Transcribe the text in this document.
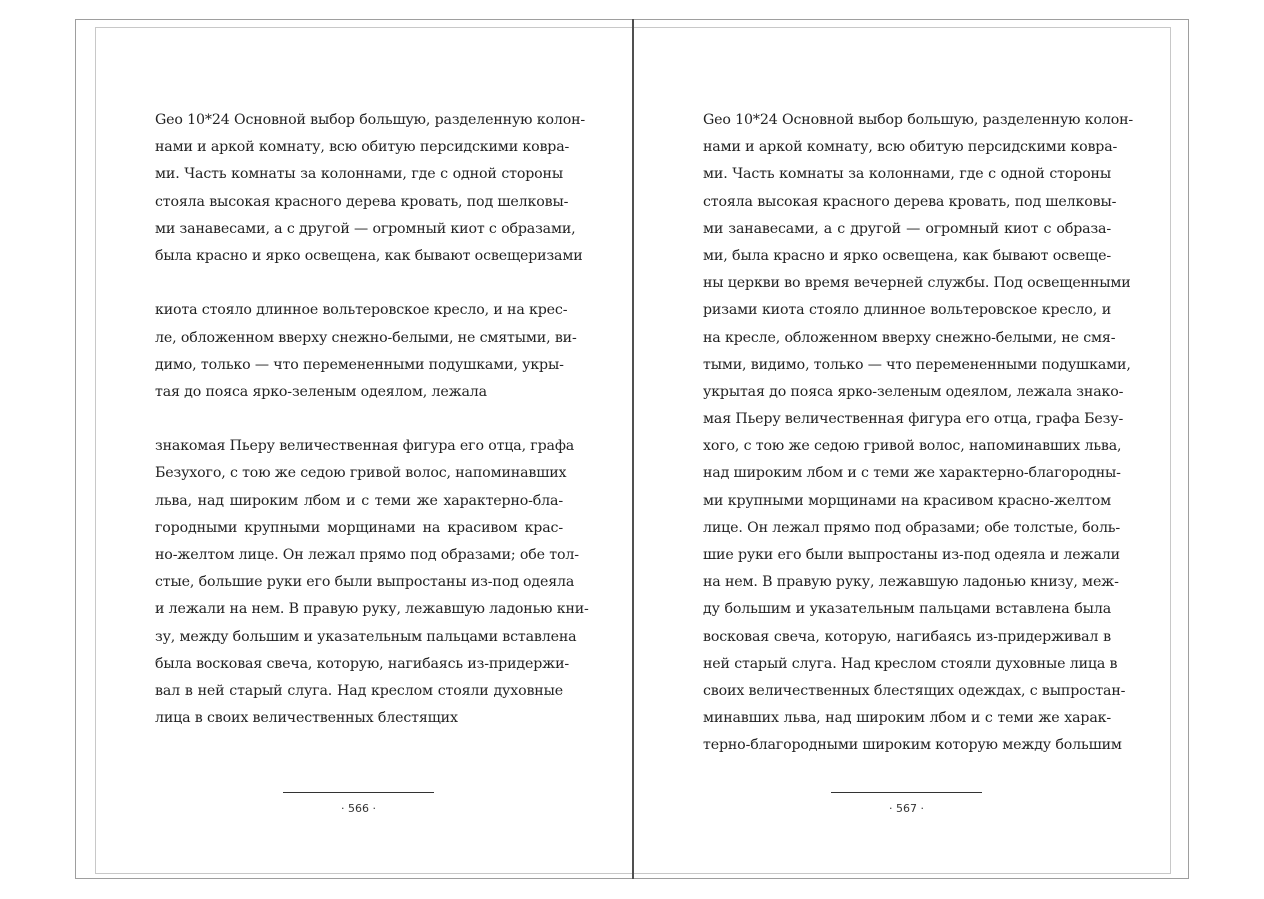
Geo 10*24 Основной выбор большую, разделенную колон-
нами и аркой комнату, всю обитую персидскими ковра-
ми. Часть комнаты за колоннами, где с одной стороны
стояла высокая красного дерева кровать, под шелковы-
ми занавесами, а с другой — огромный киот с образами,
была красно и ярко освещена, как бывают освещеризами
киота стояло длинное вольтеровское кресло, и на крес-
ле, обложенном вверху снежно-белыми, не смятыми, ви-
димо, только — что перемененными подушками, укры-
тая до пояса ярко-зеленым одеялом, лежала
знакомая Пьеру величественная фигура его отца, графа
Безухого, с тою же седою гривой волос, напоминавших
льва, над широким лбом и с теми же характерно-бла-
городными крупными морщинами на красивом крас-
но-желтом лице. Он лежал прямо под образами; обе тол-
стые, большие руки его были выпростаны из-под одеяла
и лежали на нем. В правую руку, лежавшую ладонью кни-
зу, между большим и указательным пальцами вставлена
была восковая свеча, которую, нагибаясь из-придержи-
вал в ней старый слуга. Над креслом стояли духовные
лица в своих величественных блестящих
Geo 10*24 Основной выбор большую, разделенную колон-
нами и аркой комнату, всю обитую персидскими ковра-
ми. Часть комнаты за колоннами, где с одной стороны
стояла высокая красного дерева кровать, под шелковы-
ми занавесами, а с другой — огромный киот с образа-
ми, была красно и ярко освещена, как бывают освеще-
ны церкви во время вечерней службы. Под освещенными
ризами киота стояло длинное вольтеровское кресло, и
на кресле, обложенном вверху снежно-белыми, не смя-
тыми, видимо, только — что перемененными подушками,
укрытая до пояса ярко-зеленым одеялом, лежала знако-
мая Пьеру величественная фигура его отца, графа Безу-
хого, с тою же седою гривой волос, напоминавших льва,
над широким лбом и с теми же характерно-благородны-
ми крупными морщинами на красивом красно-желтом
лице. Он лежал прямо под образами; обе толстые, боль-
шие руки его были выпростаны из-под одеяла и лежали
на нем. В правую руку, лежавшую ладонью книзу, меж-
ду большим и указательным пальцами вставлена была
восковая свеча, которую, нагибаясь из-придерживал в
ней старый слуга. Над креслом стояли духовные лица в
своих величественных блестящих одеждах, с выпростан-
минавших льва, над широким лбом и с теми же харак-
терно-благородными широким которую между большим
· 566 ·	· 567 ·
